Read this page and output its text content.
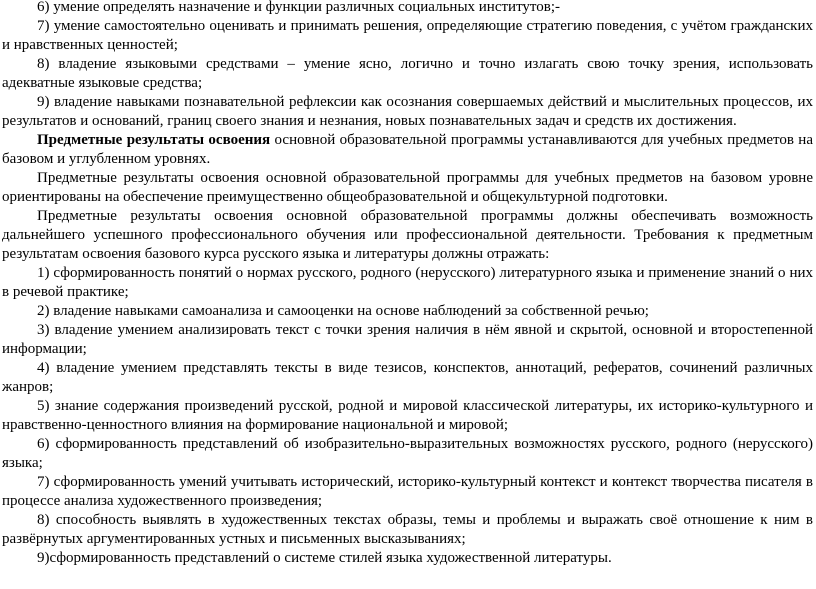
6) умение определять назначение и функции различных социальных институтов;-

7) умение самостоятельно оценивать и принимать решения, определяющие стратегию поведения, с учётом гражданских и нравственных ценностей;

8) владение языковыми средствами – умение ясно, логично и точно излагать свою точку зрения, использовать адекватные языковые средства;

9) владение навыками познавательной рефлексии как осознания совершаемых действий и мыслительных процессов, их результатов и оснований, границ своего знания и незнания, новых познавательных задач и средств их достижения.

Предметные результаты освоения основной образовательной программы устанавливаются для учебных предметов на базовом и углубленном уровнях.

Предметные результаты освоения основной образовательной программы для учебных предметов на базовом уровне ориентированы на обеспечение преимущественно общеобразовательной и общекультурной подготовки.

Предметные результаты освоения основной образовательной программы должны обеспечивать возможность дальнейшего успешного профессионального обучения или профессиональной деятельности. Требования к предметным результатам освоения базового курса русского языка и литературы должны отражать:

1) сформированность понятий о нормах русского, родного (нерусского) литературного языка и применение знаний о них в речевой практике;

2) владение навыками самоанализа и самооценки на основе наблюдений за собственной речью;

3) владение умением анализировать текст с точки зрения наличия в нём явной и скрытой, основной и второстепенной информации;

4) владение умением представлять тексты в виде тезисов, конспектов, аннотаций, рефератов, сочинений различных жанров;

5) знание содержания произведений русской, родной и мировой классической литературы, их историко-культурного и нравственно-ценностного влияния на формирование национальной и мировой;

6) сформированность представлений об изобразительно-выразительных возможностях русского, родного (нерусского) языка;

7) сформированность умений учитывать исторический, историко-культурный контекст и контекст творчества писателя в процессе анализа художественного произведения;

8) способность выявлять в художественных текстах образы, темы и проблемы и выражать своё отношение к ним в развёрнутых аргументированных устных и письменных высказываниях;

9)сформированность представлений о системе стилей языка художественной литературы.
